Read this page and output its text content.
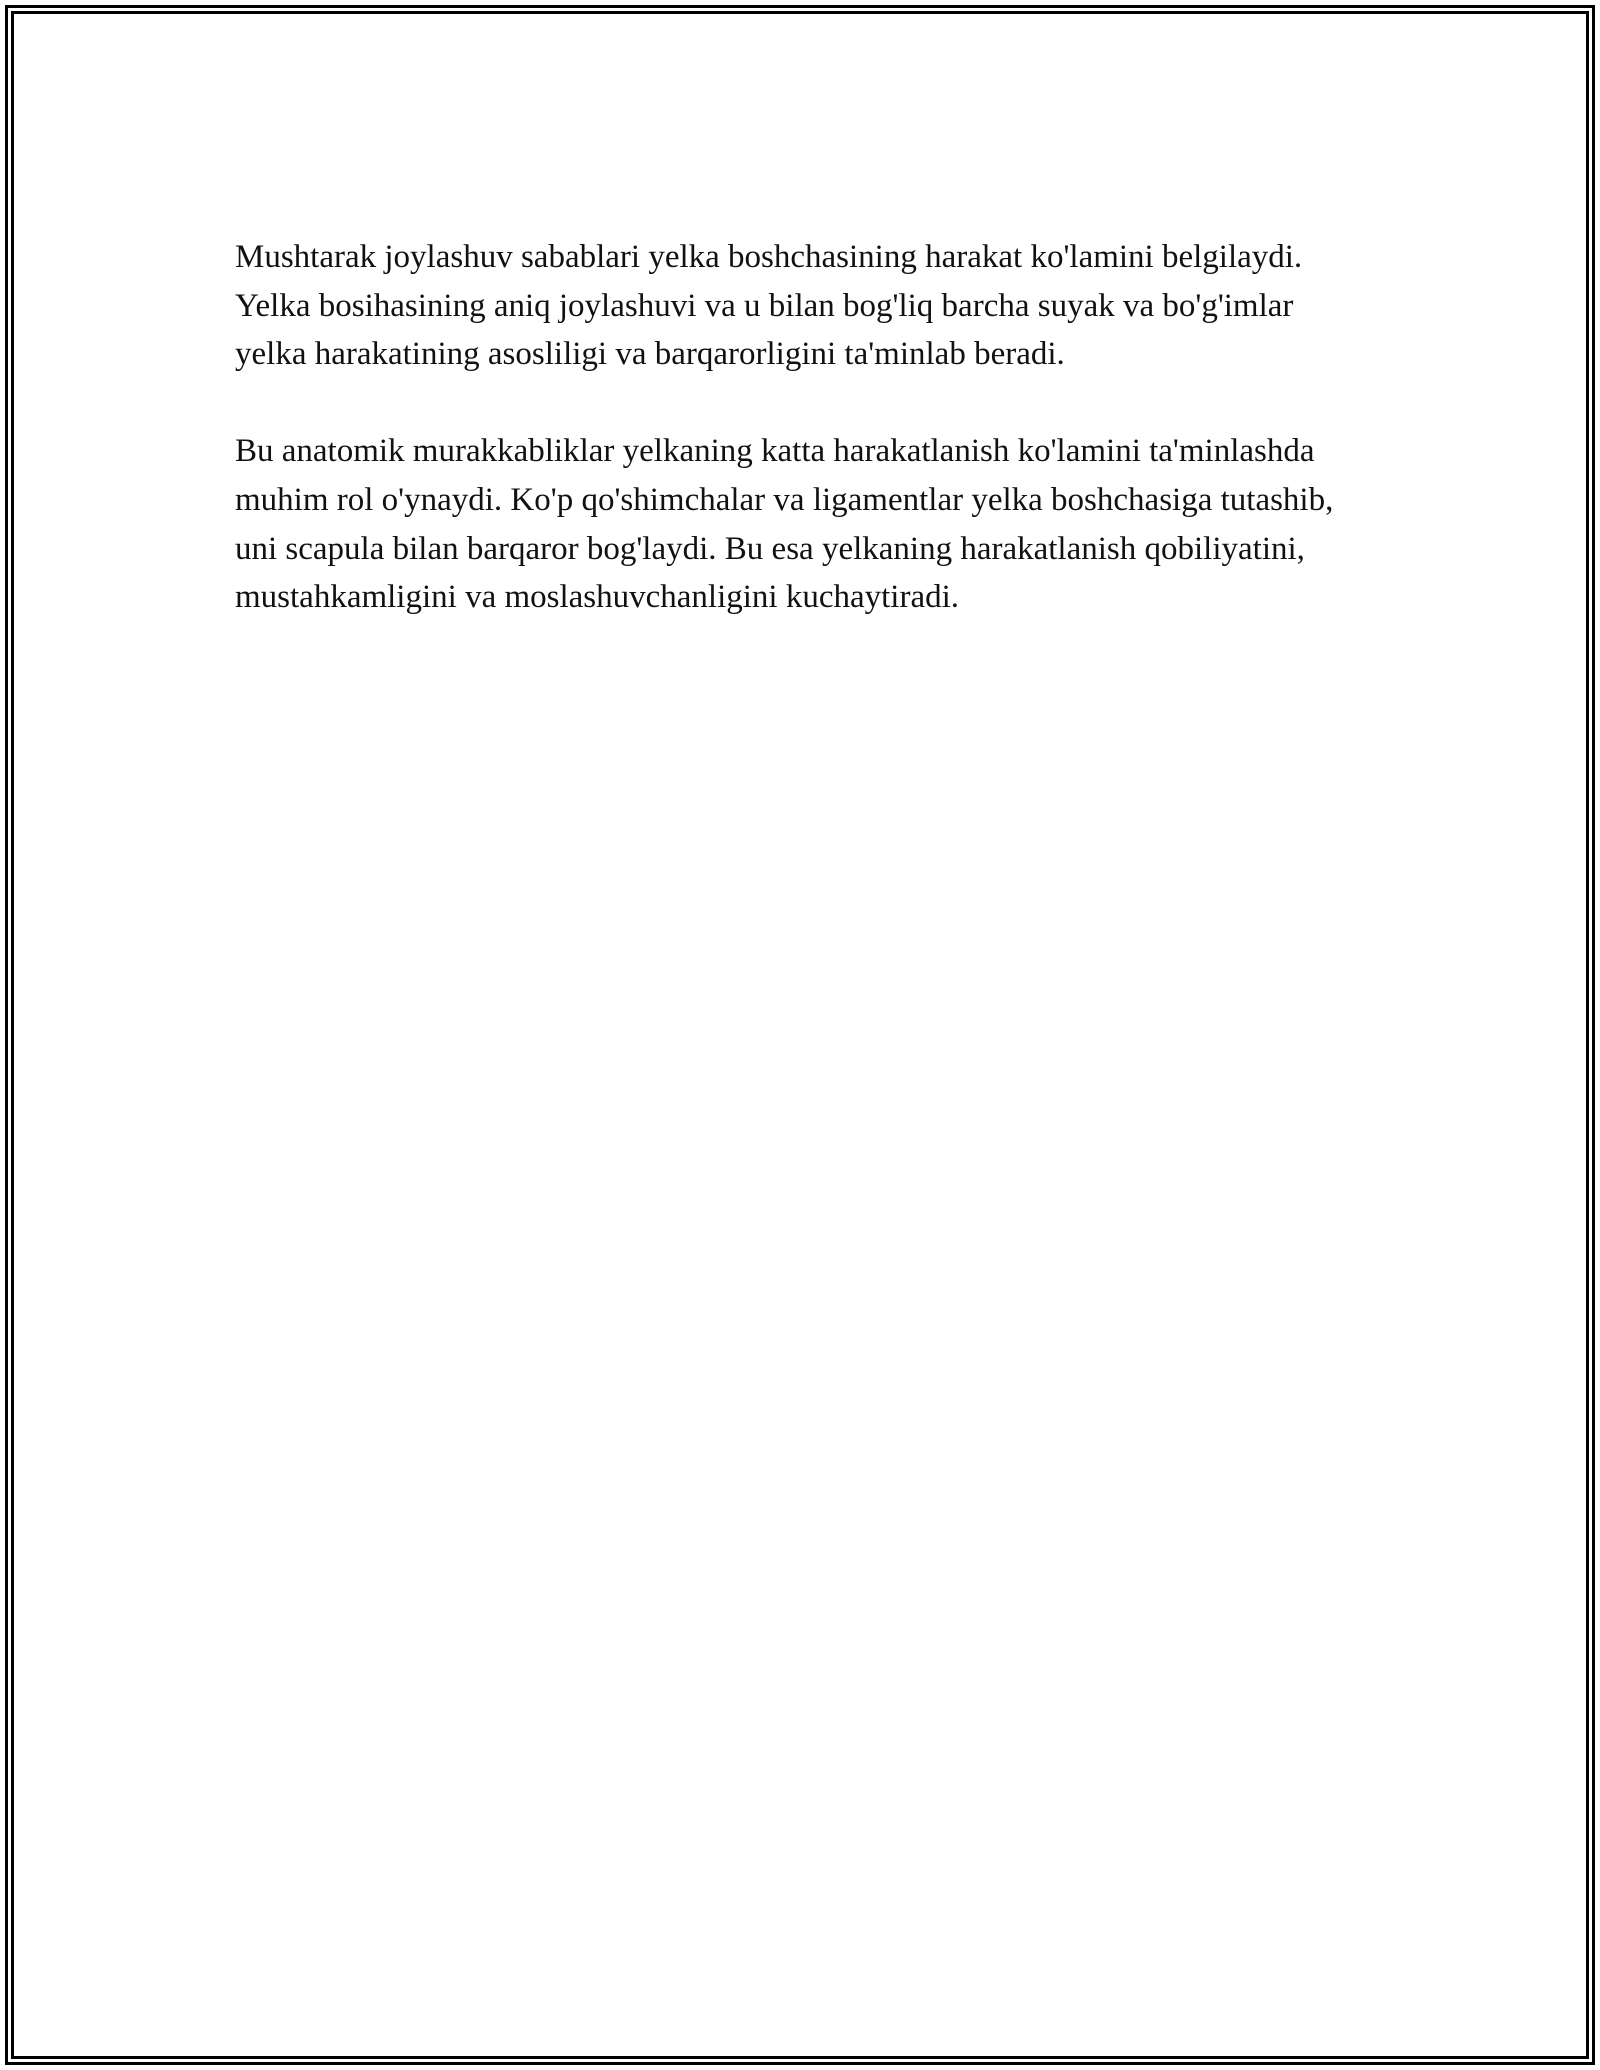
Mushtarak joylashuv sabablari yelka boshchasining harakat ko'lamini belgilaydi. Yelka bosihasining aniq joylashuvi va u bilan bog'liq barcha suyak va bo'g'imlar yelka harakatining asosliligi va barqarorligini ta'minlab beradi.

Bu anatomik murakkabliklar yelkaning katta harakatlanish ko'lamini ta'minlashda muhim rol o'ynaydi. Ko'p qo'shimchalar va ligamentlar yelka boshchasiga tutashib, uni scapula bilan barqaror bog'laydi. Bu esa yelkaning harakatlanish qobiliyatini, mustahkamligini va moslashuvchanligini kuchaytiradi.
